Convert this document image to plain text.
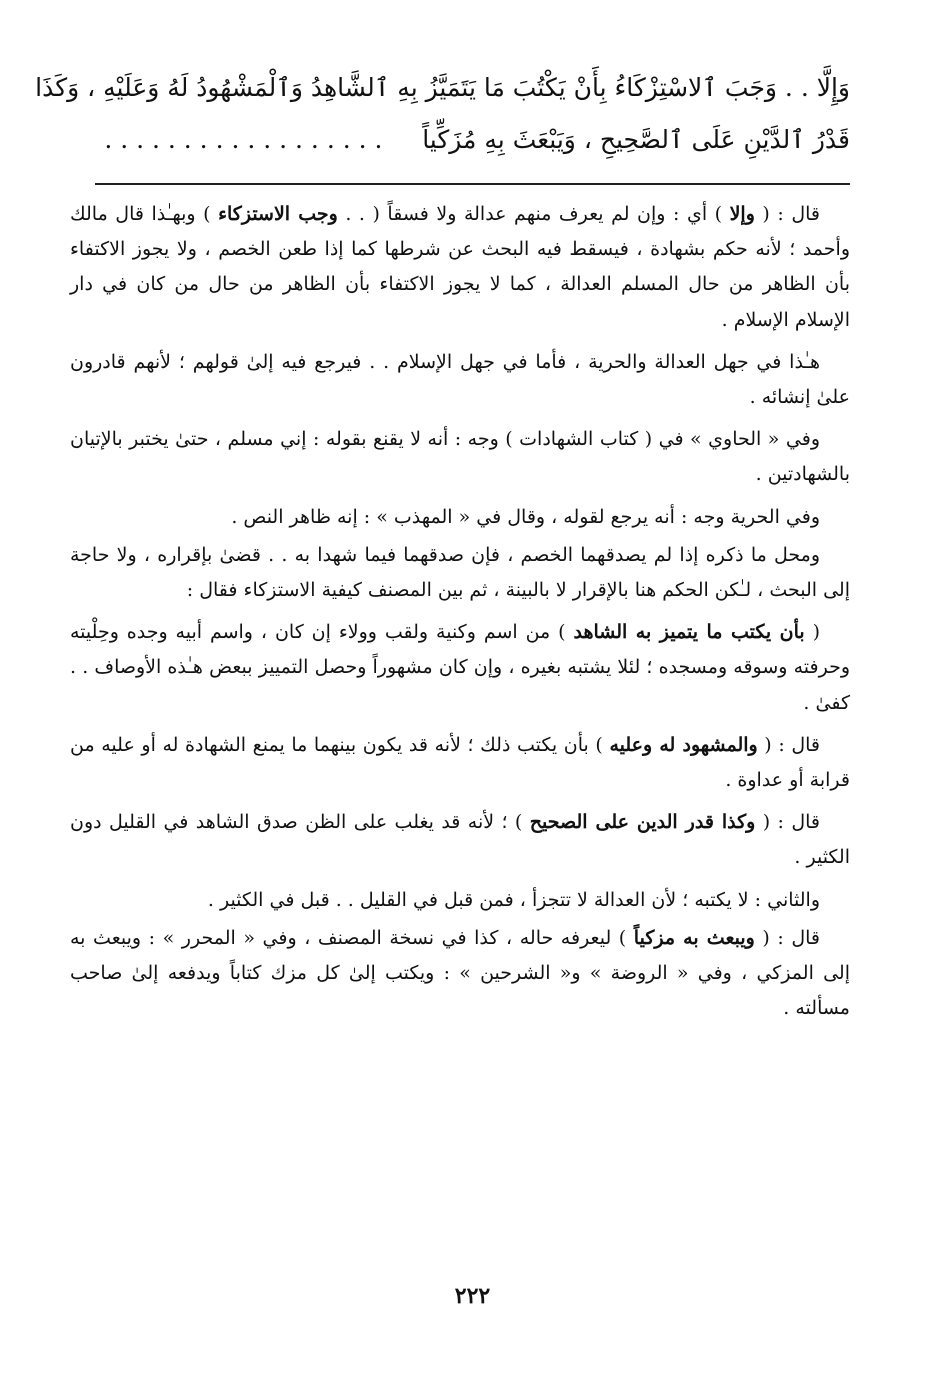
وَإِلَّا . . وَجَبَ ٱلاسْتِزْكَاءُ بِأَنْ يَكْتُبَ مَا يَتَمَيَّزُ بِهِ ٱلشَّاهِدُ وَٱلْمَشْهُودُ لَهُ وَعَلَيْهِ ، وَكَذَا
قَدْرُ ٱلدَّيْنِ عَلَى ٱلصَّحِيحِ ، وَيَبْعَثَ بِهِ مُزَكِّياً     . . . . . . . . . . . . . . . . . .

قال : ( وإلا ) أي : وإن لم يعرف منهم عدالة ولا فسقاً ( . . وجب الاستزكاء ) وبهـٰذا قال مالك وأحمد ؛ لأنه حكم بشهادة ، فيسقط فيه البحث عن شرطها كما إذا طعن الخصم ، ولا يجوز الاكتفاء بأن الظاهر من حال المسلم العدالة ، كما لا يجوز الاكتفاء بأن الظاهر من حال من كان في دار الإسلام الإسلام .

هـٰذا في جهل العدالة والحرية ، فأما في جهل الإسلام . . فيرجع فيه إلىٰ قولهم ؛ لأنهم قادرون علىٰ إنشائه .

وفي « الحاوي » في ( كتاب الشهادات ) وجه : أنه لا يقنع بقوله : إني مسلم ، حتىٰ يختبر بالإتيان بالشهادتين .

وفي الحرية وجه : أنه يرجع لقوله ، وقال في « المهذب » : إنه ظاهر النص .

ومحل ما ذكره إذا لم يصدقهما الخصم ، فإن صدقهما فيما شهدا به . . قضىٰ بإقراره ، ولا حاجة إلى البحث ، لـٰكن الحكم هنا بالإقرار لا بالبينة ، ثم بين المصنف كيفية الاستزكاء فقال :

( بأن يكتب ما يتميز به الشاهد ) من اسم وكنية ولقب وولاء إن كان ، واسم أبيه وجده وحِلْيته وحرفته وسوقه ومسجده ؛ لئلا يشتبه بغيره ، وإن كان مشهوراً وحصل التمييز ببعض هـٰذه الأوصاف . . كفىٰ .

قال : ( والمشهود له وعليه ) بأن يكتب ذلك ؛ لأنه قد يكون بينهما ما يمنع الشهادة له أو عليه من قرابة أو عداوة .

قال : ( وكذا قدر الدين على الصحيح ) ؛ لأنه قد يغلب على الظن صدق الشاهد في القليل دون الكثير .

والثاني : لا يكتبه ؛ لأن العدالة لا تتجزأ ، فمن قبل في القليل . . قبل في الكثير .

قال : ( ويبعث به مزكياً ) ليعرفه حاله ، كذا في نسخة المصنف ، وفي « المحرر » : ويبعث به إلى المزكي ، وفي « الروضة » و« الشرحين » : ويكتب إلىٰ كل مزك كتاباً ويدفعه إلىٰ صاحب مسألته .

٢٢٢
